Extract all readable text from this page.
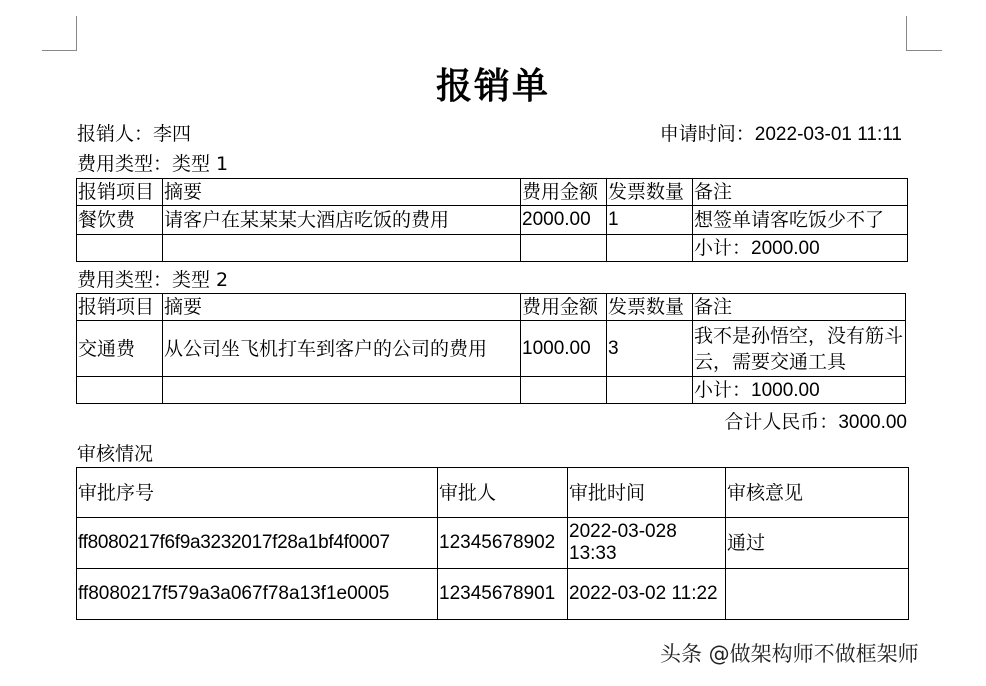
报销单
报销人：李四	申请时间：2022-03-01 11:11
费用类型：类型 1
报销项目	摘要	费用金额	发票数量	备注
餐饮费	请客户在某某某大酒店吃饭的费用	2000.00	1	想签单请客吃饭少不了
				小计：2000.00
费用类型：类型 2
报销项目	摘要	费用金额	发票数量	备注
交通费	从公司坐飞机打车到客户的公司的费用	1000.00	3	我不是孙悟空，没有筋斗云，需要交通工具
				小计：1000.00
合计人民币：3000.00
审核情况
审批序号	审批人	审批时间	审核意见
ff8080217f6f9a3232017f28a1bf4f0007	12345678902	2022-03-028 13:33	通过
ff8080217f579a3a067f78a13f1e0005	12345678901	2022-03-02 11:22	
头条 @做架构师不做框架师
